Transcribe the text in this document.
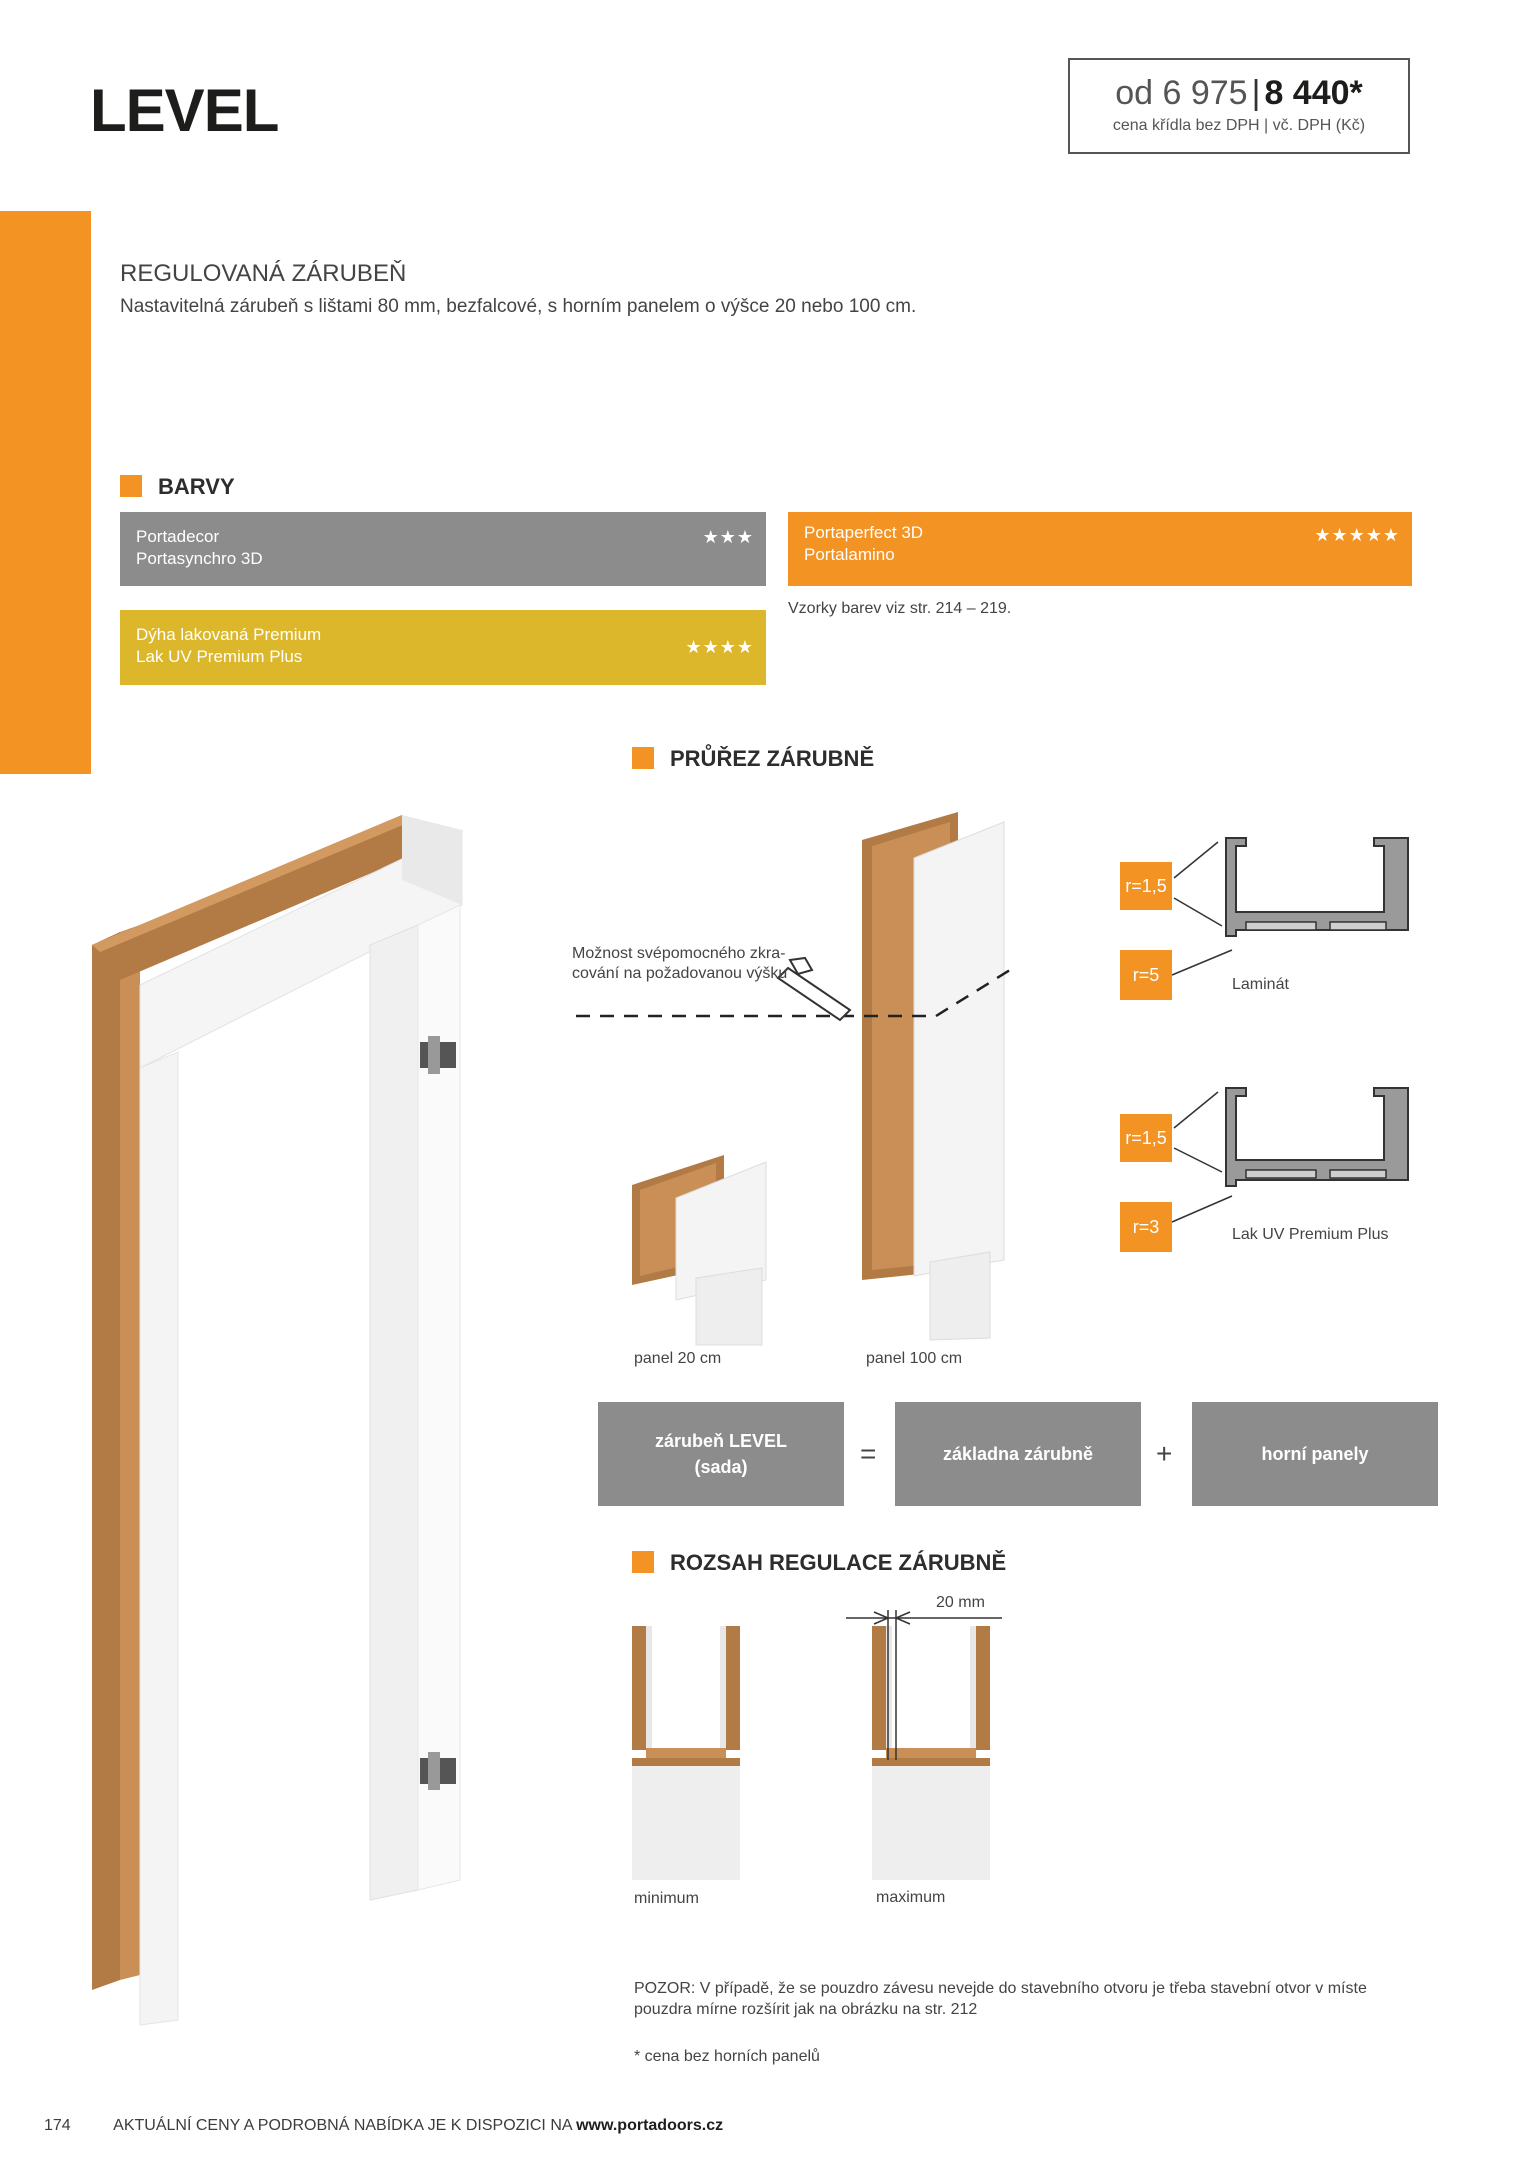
LEVEL	od 6 975 | 8 440*
cena křídla bez DPH | vč. DPH (Kč)
REGULOVANÁ ZÁRUBEŇ
Nastavitelná zárubeň s lištami 80 mm, bezfalcové, s horním panelem o výšce 20 nebo 100 cm.
BARVY
Portadecor
Portasynchro 3D
★★★	Portaperfect 3D
Portalamino
★★★★★
Dýha lakovaná Premium
Lak UV Premium Plus	★★★★
Vzorky barev viz str. 214 – 219.
PRŮŘEZ ZÁRUBNĚ
Možnost svépomocného zkra-
cování na požadovanou výšku
panel 20 cm	panel 100 cm
r=1,5
r=5	Laminát
r=1,5
r=3	Lak UV Premium Plus
zárubeň LEVEL
(sada)	=	základna zárubně	+	horní panely
ROZSAH REGULACE ZÁRUBNĚ
20 mm
minimum	maximum
POZOR: V případě, že se pouzdro závesu nevejde do stavebního otvoru je třeba stavební otvor v míste
pouzdra mírne rozšírit jak na obrázku na str. 212
* cena bez horních panelů
174	AKTUÁLNÍ CENY A PODROBNÁ NABÍDKA JE K DISPOZICI NA www.portadoors.cz
